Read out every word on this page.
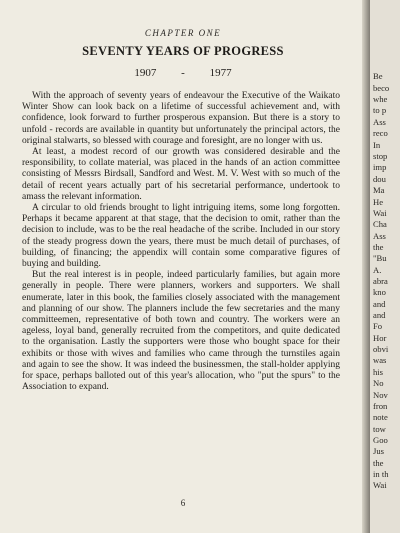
CHAPTER ONE
SEVENTY YEARS OF PROGRESS
1907 - 1977

With the approach of seventy years of endeavour the Executive of the Waikato Winter Show can look back on a lifetime of successful achievement and, with confidence, look forward to further prosperous expansion. But there is a story to unfold - records are available in quantity but unfortunately the principal actors, the original stalwarts, so blessed with courage and foresight, are no longer with us.

At least, a modest record of our growth was considered desirable and the responsibility, to collate material, was placed in the hands of an action committee consisting of Messrs Birdsall, Sandford and West. M. V. West with so much of the detail of recent years actually part of his secretarial performance, undertook to amass the relevant information.

A circular to old friends brought to light intriguing items, some long forgotten. Perhaps it became apparent at that stage, that the decision to omit, rather than the decision to include, was to be the real headache of the scribe. Included in our story of the steady progress down the years, there must be much detail of purchases, of building, of financing; the appendix will contain some comparative figures of buying and building.

But the real interest is in people, indeed particularly families, but again more generally in people. There were planners, workers and supporters. We shall enumerate, later in this book, the families closely associated with the management and planning of our show. The planners include the few secretaries and the many committeemen, representative of both town and country. The workers were an ageless, loyal band, generally recruited from the competitors, and quite dedicated to the organisation. Lastly the supporters were those who bought space for their exhibits or those with wives and families who came through the turnstiles again and again to see the show. It was indeed the businessmen, the stall-holder applying for space, perhaps balloted out of this year's allocation, who "put the spurs" to the Association to expand.

6
Be
beco
whe
to p
Ass
reco
In
stop
imp
dou
Ma
He
Wai
Cha
Ass
the
"Bu
A.
abra
kno
and
and
Fo
Hor
obvi
was
his
No
Nov
fron
note
tow
Goo
Jus
the
in th
Wai
